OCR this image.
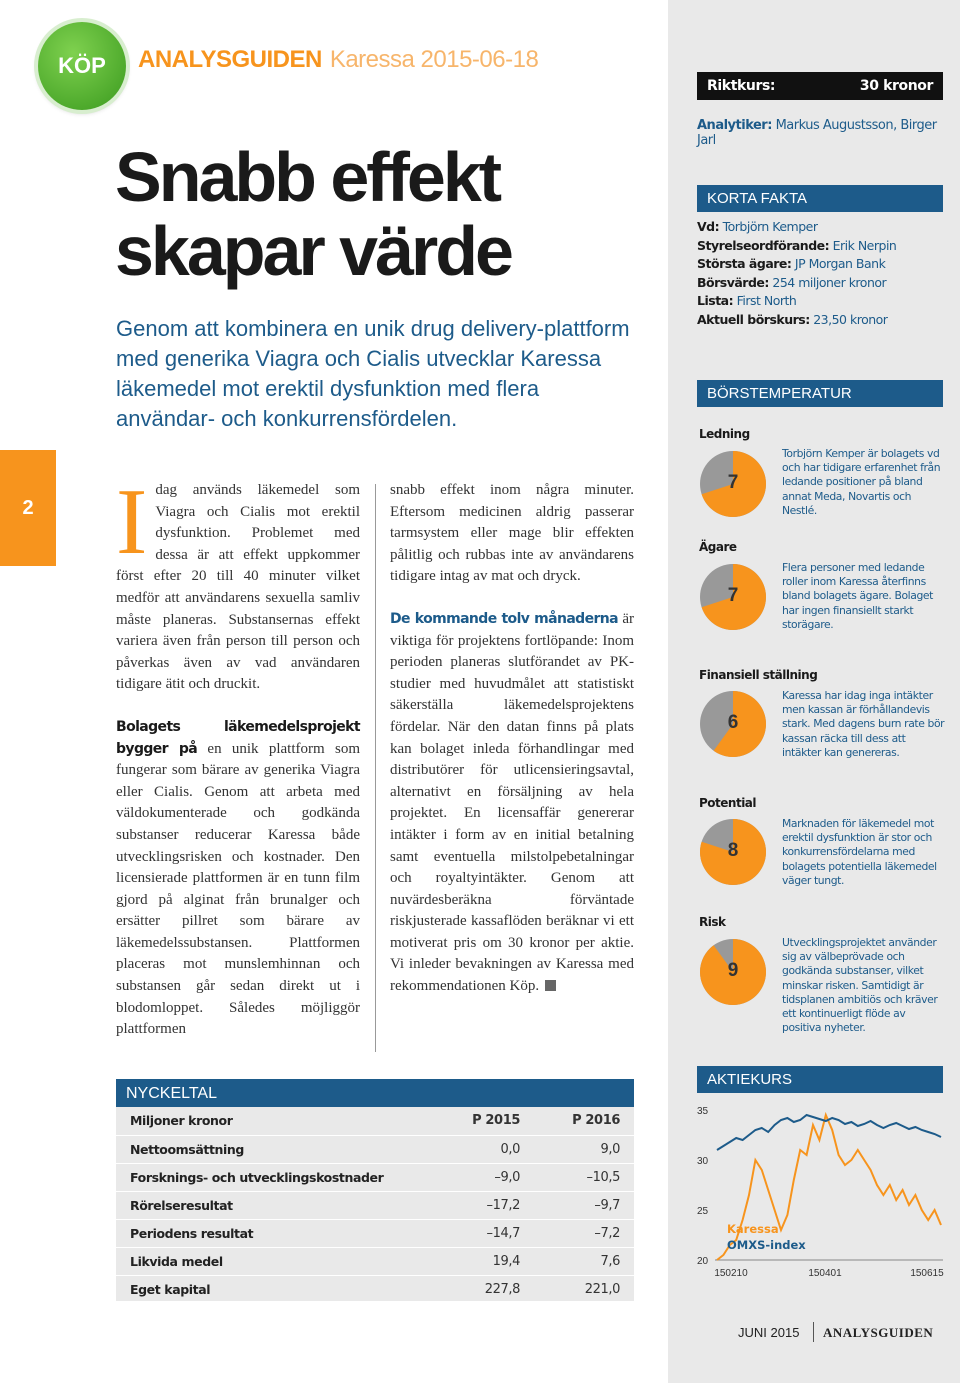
KÖP ANALYSGUIDEN Karessa 2015-06-18
Snabb effekt
skapar värde
Genom att kombinera en unik drug delivery-plattform med generika Viagra och Cialis utvecklar Karessa läkemedel mot erektil dysfunktion med flera användar- och konkurrensfördelen.
2 Idag används läkemedel som Viagra och Cialis mot erektil dysfunktion. Problemet med dessa är att effekt uppkommer först efter 20 till 40 minuter vilket medför att användarens sexuella samliv måste planeras. Substansernas effekt variera även från person till person och påverkas även av vad användaren tidigare ätit och druckit.
Bolagets läkemedelsprojekt bygger på en unik plattform som fungerar som bärare av generika Viagra eller Cialis. Genom att arbeta med väldokumenterade och godkända substanser reducerar Karessa både utvecklingsrisken och kostnader. Den licensierade plattformen är en tunn film gjord på alginat från brunalger och ersätter pillret som bärare av läkemedelssubstansen. Plattformen placeras mot munslemhinnan och substansen går sedan direkt ut i blodomloppet. Således möjliggör plattformen
snabb effekt inom några minuter. Eftersom medicinen aldrig passerar tarmsystem eller mage blir effekten pålitlig och rubbas inte av användarens tidigare intag av mat och dryck.
De kommande tolv månaderna är viktiga för projektens fortlöpande: Inom perioden planeras slutförandet av PK-studier med huvudmålet att statistiskt säkerställa läkemedelsprojektens fördelar. När den datan finns på plats kan bolaget inleda förhandlingar med distributörer för utlicensieringsavtal, alternativt en försäljning av hela projektet. En licensaffär genererar intäkter i form av en initial betalning samt eventuella milstolpebetalningar och royaltyintäkter. Genom att nuvärdesberäkna förväntade riskjusterade kassaflöden beräknar vi ett motiverat pris om 30 kronor per aktie. Vi inleder bevakningen av Karessa med rekommendationen Köp.
NYCKELTAL
Miljoner kronor	P 2015	P 2016
Nettoomsättning	0,0	9,0
Forsknings- och utvecklingskostnader	–9,0	–10,5
Rörelseresultat	–17,2	–9,7
Periodens resultat	–14,7	–7,2
Likvida medel	19,4	7,6
Eget kapital	227,8	221,0
Riktkurs:	30 kronor
Analytiker: Markus Augustsson, Birger Jarl
KORTA FAKTA
Vd: Torbjörn Kemper
Styrelseordförande: Erik Nerpin
Största ägare: JP Morgan Bank
Börsvärde: 254 miljoner kronor
Lista: First North
Aktuell börskurs: 23,50 kronor
BÖRSTEMPERATUR
Ledning
7
Torbjörn Kemper är bolagets vd och har tidigare erfarenhet från ledande positioner på bland annat Meda, Novartis och Nestlé.
Ägare
7
Flera personer med ledande roller inom Karessa återfinns bland bolagets ägare. Bolaget har ingen finansiellt starkt storägare.
Finansiell ställning
6
Karessa har idag inga intäkter men kassan är förhållandevis stark. Med dagens burn rate bör kassan räcka till dess att intäkter kan genereras.
Potential
8
Marknaden för läkemedel mot erektil dysfunktion är stor och konkurrensfördelarna med bolagets potentiella läkemedel väger tungt.
Risk
9
Utvecklingsprojektet använder sig av välbeprövade och godkända substanser, vilket minskar risken. Samtidigt är tidsplanen ambitiös och kräver ett kontinuerligt flöde av positiva nyheter.
AKTIEKURS
20
25
30
35
150210	150401	150615
Karessa
OMXS-index
JUNI 2015 ANALYSGUIDEN
